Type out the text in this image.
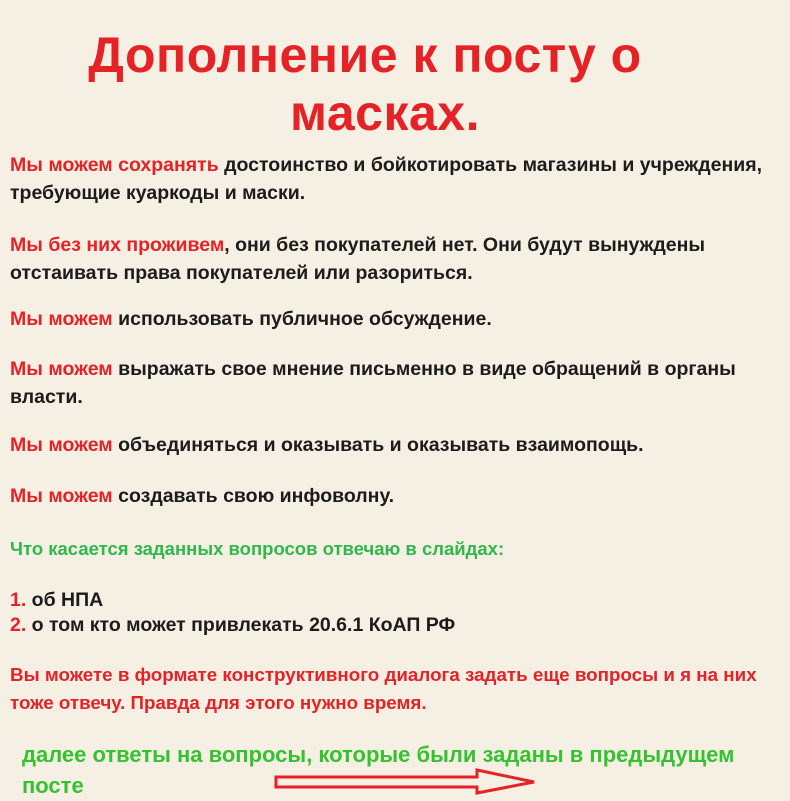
Дополнение к посту о
масках.
Мы можем сохранять достоинство и бойкотировать магазины и учреждения, требующие куаркоды и маски.
Мы без них проживем, они без покупателей нет. Они будут вынуждены отстаивать права покупателей или разориться.
Мы можем использовать публичное обсуждение.
Мы можем выражать свое мнение письменно в виде обращений в органы власти.
Мы можем объединяться и оказывать и оказывать взаимопощь.
Мы можем создавать свою инфоволну.
Что касается заданных вопросов отвечаю в слайдах:
1. об НПА
2. о том кто может привлекать 20.6.1 КоАП РФ
Вы можете в формате конструктивного диалога задать еще вопросы и я на них тоже отвечу. Правда для этого нужно время.
далее ответы на вопросы, которые были заданы в предыдущем посте
